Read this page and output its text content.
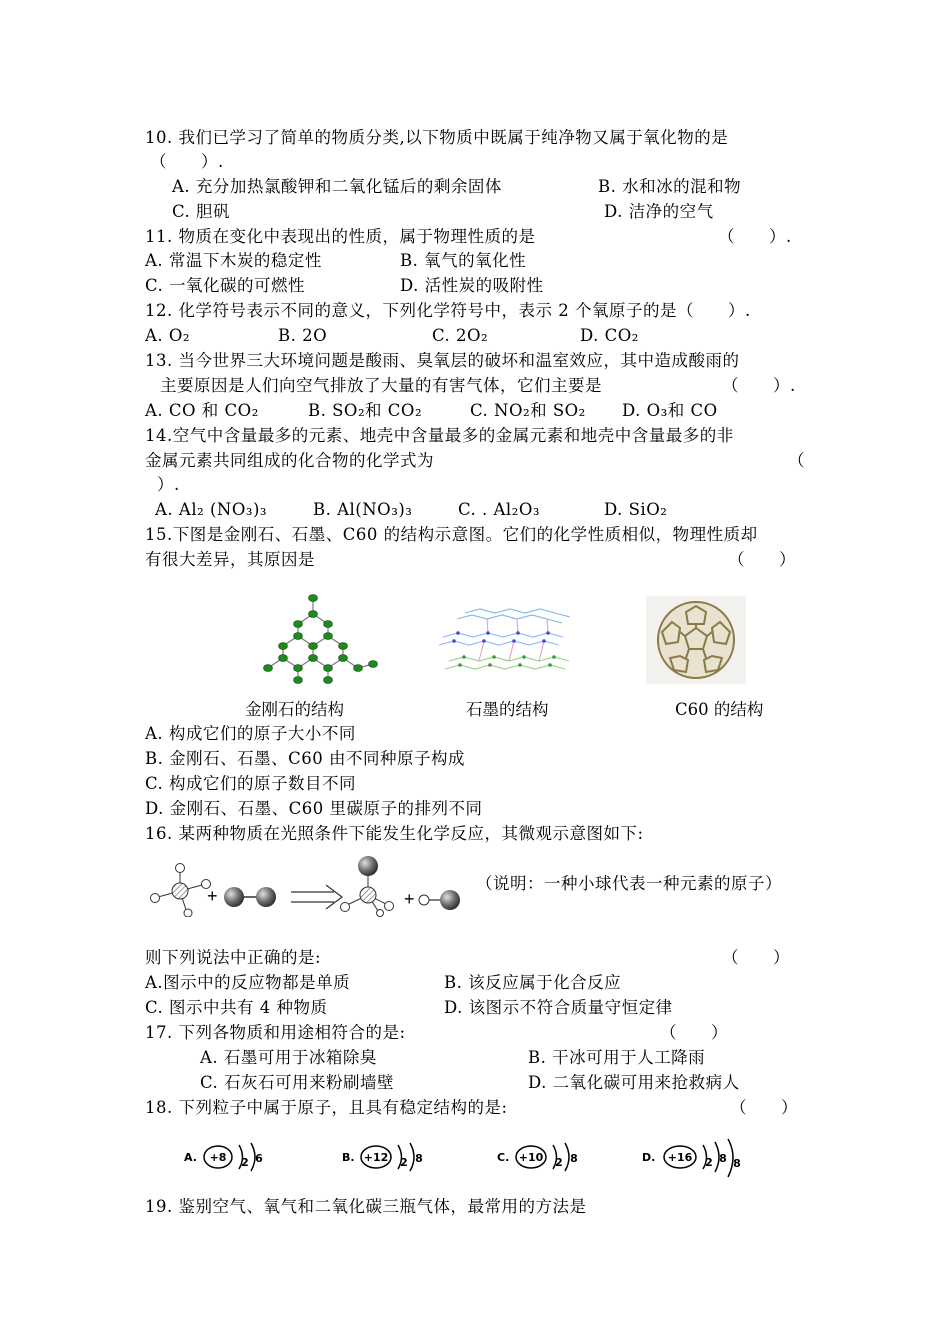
10. 我们已学习了简单的物质分类,以下物质中既属于纯净物又属于氧化物的是
（　　）.
A. 充分加热氯酸钾和二氧化锰后的剩余固体	B. 水和冰的混和物
C. 胆矾	D. 洁净的空气
11. 物质在变化中表现出的性质，属于物理性质的是	（　　）.
A. 常温下木炭的稳定性	B. 氧气的氧化性
C. 一氧化碳的可燃性	D. 活性炭的吸附性
12. 化学符号表示不同的意义，下列化学符号中，表示 2 个氧原子的是（　　）.
A. O₂	B. 2O	C. 2O₂	D. CO₂
13. 当今世界三大环境问题是酸雨、臭氧层的破坏和温室效应，其中造成酸雨的
主要原因是人们向空气排放了大量的有害气体，它们主要是	（　　）.
A. CO 和 CO₂	B. SO₂和 CO₂	C. NO₂和 SO₂ D. O₃和 CO
14.空气中含量最多的元素、地壳中含量最多的金属元素和地壳中含量最多的非
金属元素共同组成的化合物的化学式为	（
）.
A. Al₂ (NO₃)₃	B. Al(NO₃)₃	C. . Al₂O₃	D. SiO₂
15.下图是金刚石、石墨、C60 的结构示意图。它们的化学性质相似，物理性质却
有很大差异，其原因是	（　　）
金刚石的结构	石墨的结构	C60 的结构
A. 构成它们的原子大小不同
B. 金刚石、石墨、C60 由不同种原子构成
C. 构成它们的原子数目不同
D. 金刚石、石墨、C60 里碳原子的排列不同
16. 某两种物质在光照条件下能发生化学反应，其微观示意图如下:
+	+
（说明：一种小球代表一种元素的原子）
则下列说法中正确的是:	（　　）
A.图示中的反应物都是单质	B. 该反应属于化合反应
C. 图示中共有 4 种物质	D. 该图示不符合质量守恒定律
17. 下列各物质和用途相符合的是:	（　　）
A. 石墨可用于冰箱除臭	B. 干冰可用于人工降雨
C. 石灰石可用来粉刷墙壁	D. 二氧化碳可用来抢救病人
18. 下列粒子中属于原子，且具有稳定结构的是:	（　　）
A. +8 2 6	B. +12 2 8	C. +10 2 8	D. +16 2 8 8
19. 鉴别空气、氧气和二氧化碳三瓶气体，最常用的方法是
